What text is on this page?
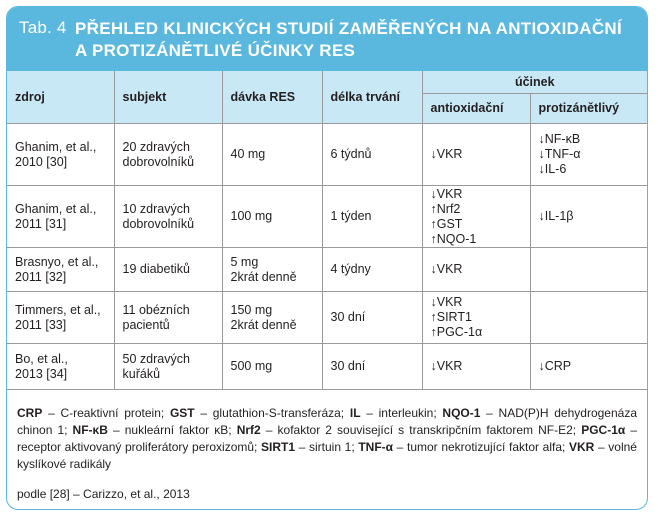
Tab. 4 PŘEHLED KLINICKÝCH STUDIÍ ZAMĚŘENÝCH NA ANTIOXIDAČNÍ
A PROTIZÁNĚTLIVÉ ÚČINKY RES
zdroj	subjekt	dávka RES	délka trvání	účinek	
				antioxidační	protizánětlivý

Ghanim, et al.,
2010 [30]	20 zdravých
dobrovolníků	40 mg	6 týdnů	↓VKR	↓NF-κB
↓TNF-α
↓IL-6

Ghanim, et al.,
2011 [31]	10 zdravých
dobrovolníků	100 mg	1 týden	↓VKR
↑Nrf2
↑GST
↑NQO-1	↓IL-1β

Brasnyo, et al.,
2011 [32]	19 diabetiků	5 mg
2krát denně	4 týdny	↓VKR	

Timmers, et al.,
2011 [33]	11 obézních
pacientů	150 mg
2krát denně	30 dní	↓VKR
↑SIRT1
↑PGC-1α	

Bo, et al.,
2013 [34]	50 zdravých
kuřáků	500 mg	30 dní	↓VKR	↓CRP
CRP – C-reaktivní protein; GST – glutathion-S-transferáza; IL – interleukin; NQO-1 – NAD(P)H dehydrogenáza chinon 1; NF-κB – nukleární faktor κB; Nrf2 – kofaktor 2 související s transkripčním faktorem NF-E2; PGC-1α – receptor aktivovaný proliferátory peroxizomů; SIRT1 – sirtuin 1; TNF-α – tumor nekrotizující faktor alfa; VKR – volné kyslíkové radikály
podle [28] – Carizzo, et al., 2013
